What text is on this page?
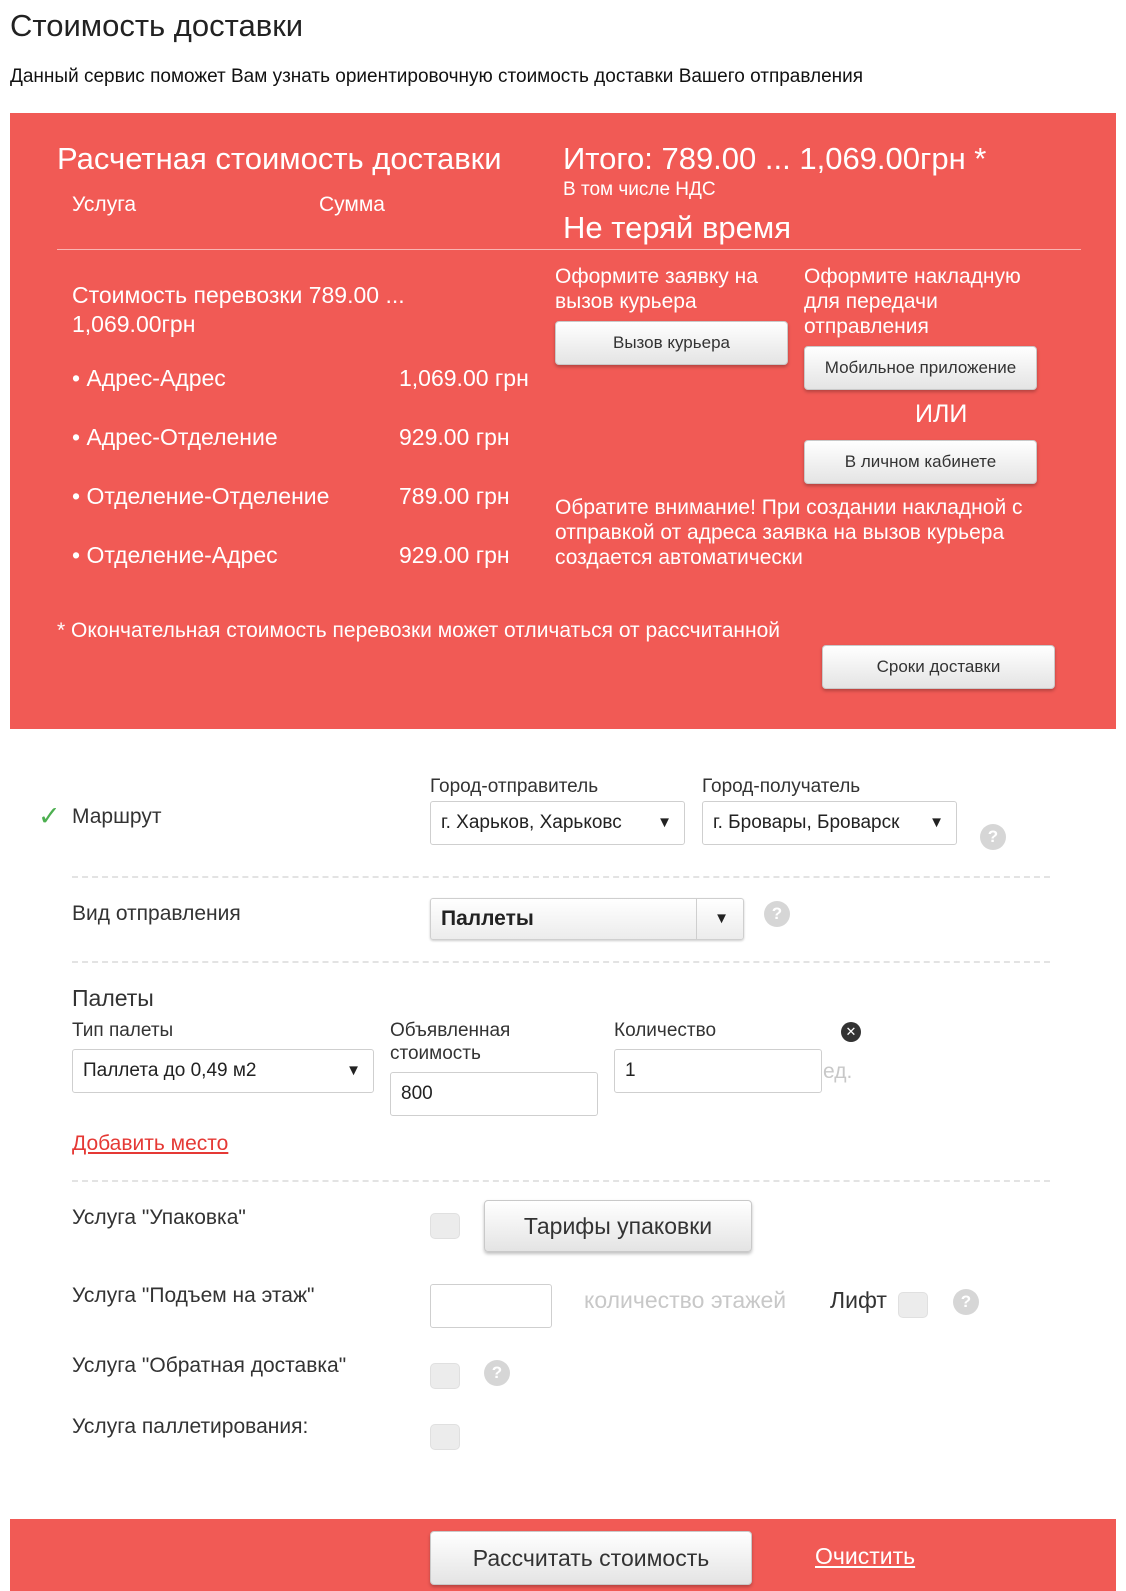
Стоимость доставки
Данный сервис поможет Вам узнать ориентировочную стоимость доставки Вашего отправления
Расчетная стоимость доставки Итого: 789.00 ... 1,069.00грн *
В том числе НДС
Услуга	Сумма
Не теряй время
Стоимость перевозки 789.00 ... 1,069.00грн
• Адрес-Адрес	1,069.00 грн
• Адрес-Отделение	929.00 грн
• Отделение-Отделение	789.00 грн
• Отделение-Адрес	929.00 грн
Оформите заявку на вызов курьера
Вызов курьера
Оформите накладную для передачи отправления
Мобильное приложение
ИЛИ
В личном кабинете
Обратите внимание! При создании накладной с отправкой от адреса заявка на вызов курьера создается автоматически
* Окончательная стоимость перевозки может отличаться от рассчитанной
Сроки доставки
✓ Маршрут
Город-отправитель
г. Харьков, Харьковс ▼
Город-получатель
г. Бровары, Броварск ▼
?
Вид отправления	Паллеты	▼	?
Палеты
Тип палеты
Паллета до 0,49 м2	▼
Объявленная стоимость
800
Количество
1	ед.
✕
Добавить место
Услуга "Упаковка"	Тарифы упаковки
Услуга "Подъем на этаж"	количество этажей Лифт	?
Услуга "Обратная доставка"	?
Услуга паллетирования:
Рассчитать стоимость	Очистить
